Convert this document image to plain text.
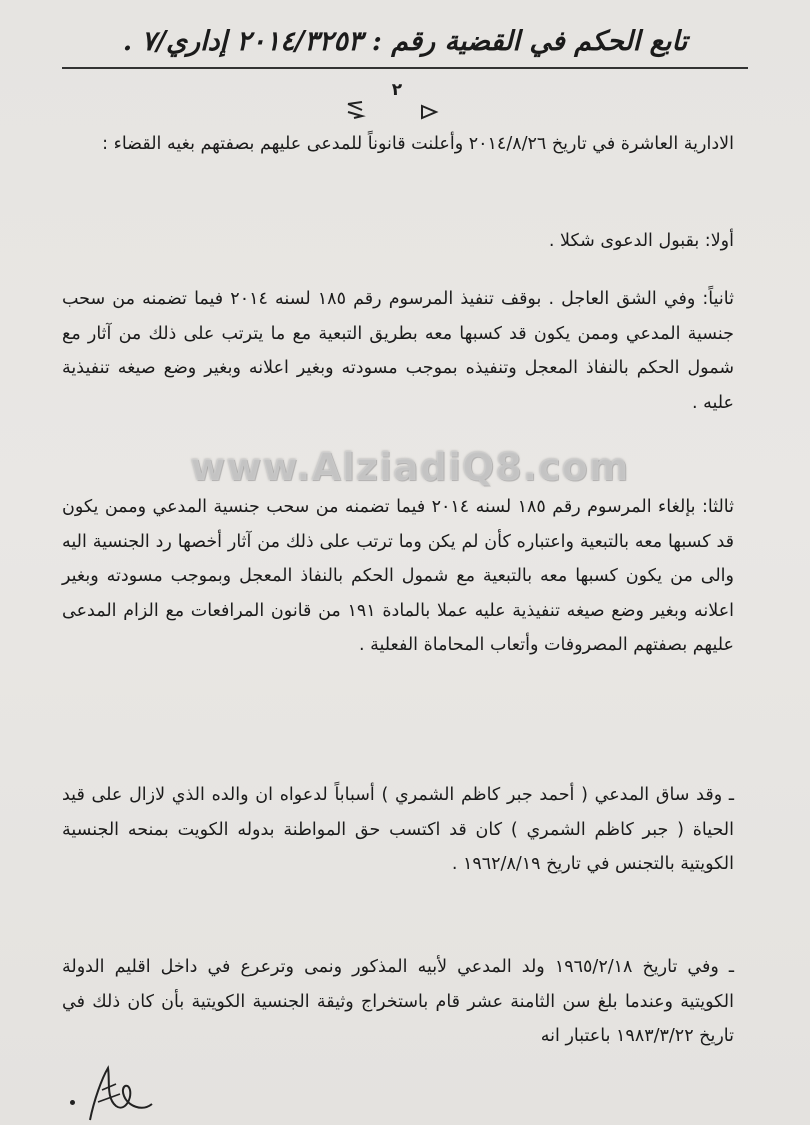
تابع الحكم في القضية رقم : ٢٠١٤/٣٢٥٣ إداري/٧ .
٢
الادارية العاشرة في تاريخ ٢٠١٤/٨/٢٦ وأعلنت قانوناً للمدعى عليهم بصفتهم بغيه القضاء :
أولا: بقبول الدعوى شكلا .
ثانياً: وفي الشق العاجل . بوقف تنفيذ المرسوم رقم ١٨٥ لسنه ٢٠١٤ فيما تضمنه من سحب جنسية المدعي وممن يكون قد كسبها معه بطريق التبعية مع ما يترتب على ذلك من آثار مع شمول الحكم بالنفاذ المعجل وتنفيذه بموجب مسودته وبغير اعلانه وبغير وضع صيغه تنفيذية عليه .
ثالثا: بإلغاء المرسوم رقم ١٨٥ لسنه ٢٠١٤ فيما تضمنه من سحب جنسية المدعي وممن يكون قد كسبها معه بالتبعية واعتباره كأن لم يكن وما ترتب على ذلك من آثار أخصها رد الجنسية اليه والى من يكون كسبها معه بالتبعية مع شمول الحكم بالنفاذ المعجل وبموجب مسودته وبغير اعلانه وبغير وضع صيغه تنفيذية عليه عملا بالمادة ١٩١ من قانون المرافعات مع الزام المدعى عليهم بصفتهم المصروفات وأتعاب المحاماة الفعلية .
ـ وقد ساق المدعي ( أحمد جبر كاظم الشمري ) أسباباً لدعواه ان والده الذي لازال على قيد الحياة ( جبر كاظم الشمري ) كان قد اكتسب حق المواطنة بدوله الكويت بمنحه الجنسية الكويتية بالتجنس في تاريخ ١٩٦٢/٨/١٩ .
ـ وفي تاريخ ١٩٦٥/٢/١٨ ولد المدعي لأبيه المذكور ونمى وترعرع في داخل اقليم الدولة الكويتية وعندما بلغ سن الثامنة عشر قام باستخراج وثيقة الجنسية الكويتية بأن كان ذلك في تاريخ ١٩٨٣/٣/٢٢ باعتبار انه
www.AlziadiQ8.com
